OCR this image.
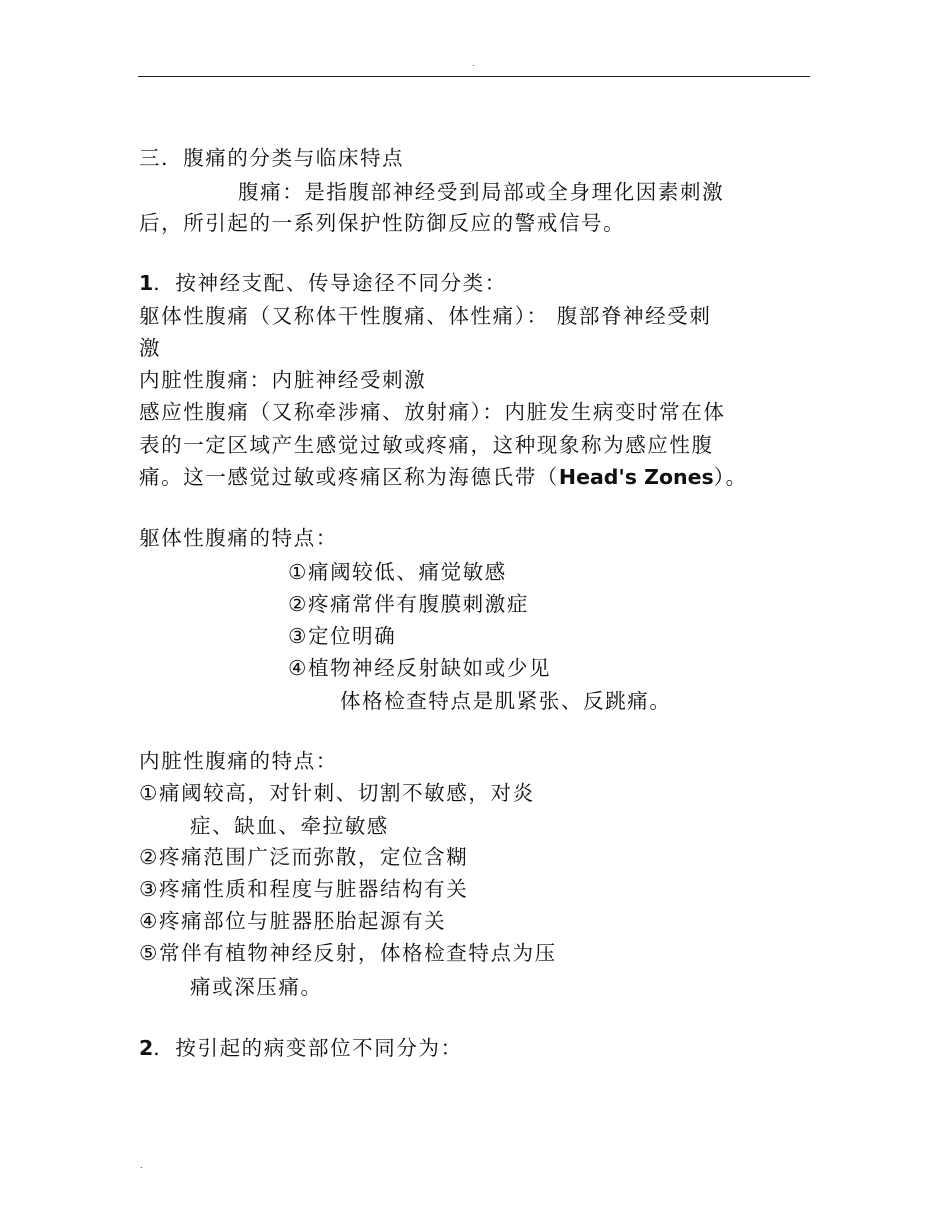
.
三．腹痛的分类与临床特点
腹痛：是指腹部神经受到局部或全身理化因素刺激
后，所引起的一系列保护性防御反应的警戒信号。
1．按神经支配、传导途径不同分类：
躯体性腹痛（又称体干性腹痛、体性痛）： 腹部脊神经受刺
激
内脏性腹痛：内脏神经受刺激
感应性腹痛（又称牵涉痛、放射痛）：内脏发生病变时常在体
表的一定区域产生感觉过敏或疼痛，这种现象称为感应性腹
痛。这一感觉过敏或疼痛区称为海德氏带（Head's Zones）。
躯体性腹痛的特点：
①痛阈较低、痛觉敏感
②疼痛常伴有腹膜刺激症
③定位明确
④植物神经反射缺如或少见
体格检查特点是肌紧张、反跳痛。
内脏性腹痛的特点：
①痛阈较高，对针刺、切割不敏感，对炎
症、缺血、牵拉敏感
②疼痛范围广泛而弥散，定位含糊
③疼痛性质和程度与脏器结构有关
④疼痛部位与脏器胚胎起源有关
⑤常伴有植物神经反射，体格检查特点为压
痛或深压痛。
2．按引起的病变部位不同分为：
.
